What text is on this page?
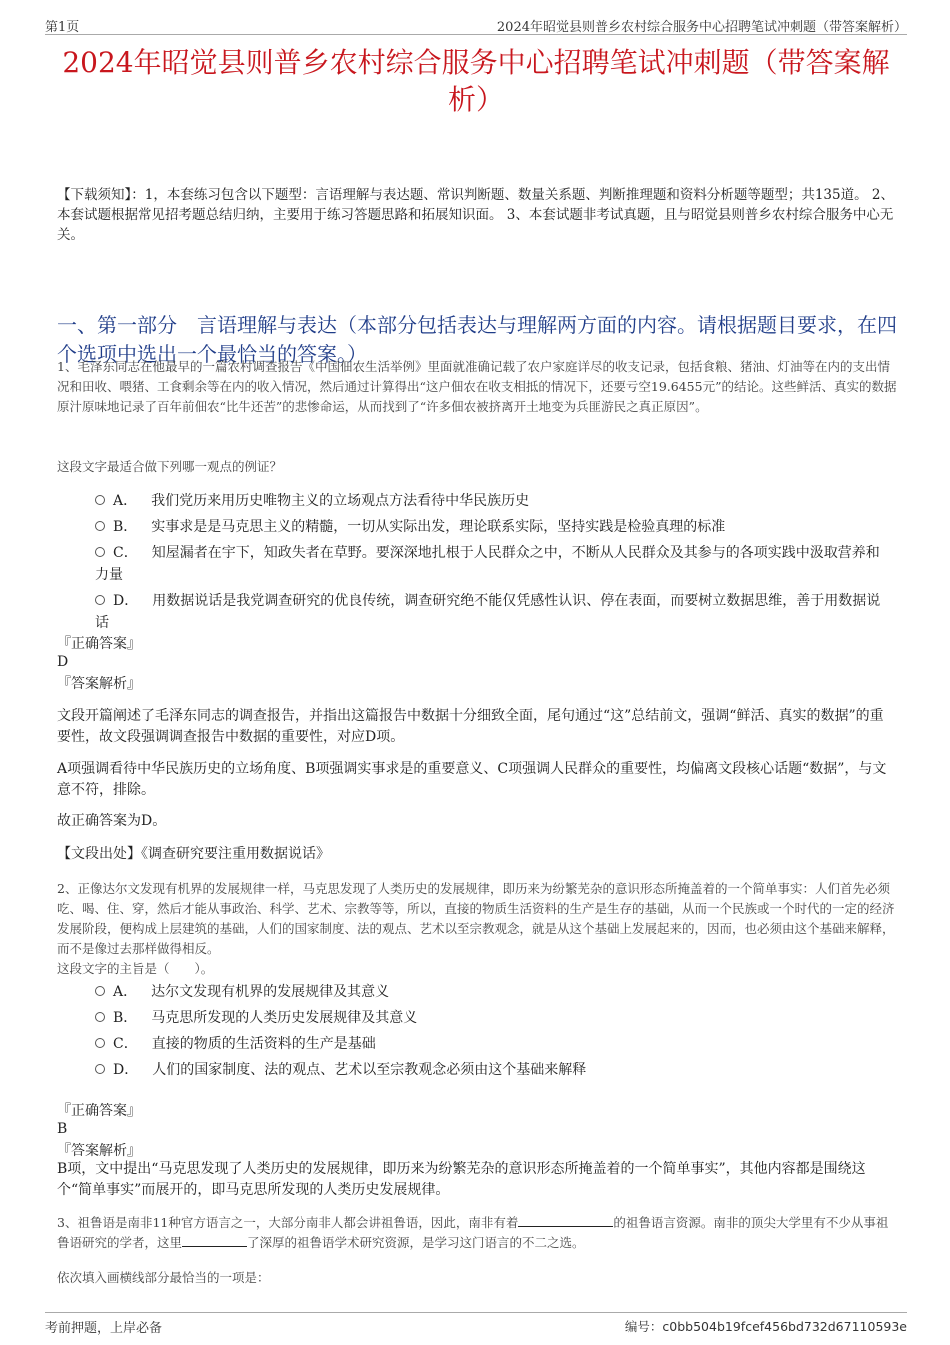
第1页	2024年昭觉县则普乡农村综合服务中心招聘笔试冲刺题（带答案解析）
2024年昭觉县则普乡农村综合服务中心招聘笔试冲刺题（带答案解析）
【下载须知】：1，本套练习包含以下题型：言语理解与表达题、常识判断题、数量关系题、判断推理题和资料分析题等题型；共135道。 2、本套试题根据常见招考题总结归纳，主要用于练习答题思路和拓展知识面。 3、本套试题非考试真题，且与昭觉县则普乡农村综合服务中心无关。
一、第一部分　言语理解与表达（本部分包括表达与理解两方面的内容。请根据题目要求，在四个选项中选出一个最恰当的答案。）
1、毛泽东同志在他最早的一篇农村调查报告《中国佃农生活举例》里面就准确记载了农户家庭详尽的收支记录，包括食粮、猪油、灯油等在内的支出情况和田收、喂猪、工食剩余等在内的收入情况，然后通过计算得出“这户佃农在收支相抵的情况下，还要亏空19.6455元”的结论。这些鲜活、真实的数据原汁原味地记录了百年前佃农“比牛还苦”的悲惨命运，从而找到了“许多佃农被挤离开土地变为兵匪游民之真正原因”。
这段文字最适合做下列哪一观点的例证？
A． 我们党历来用历史唯物主义的立场观点方法看待中华民族历史
B． 实事求是是马克思主义的精髓，一切从实际出发，理论联系实际，坚持实践是检验真理的标准
C． 知屋漏者在宇下，知政失者在草野。要深深地扎根于人民群众之中，不断从人民群众及其参与的各项实践中汲取营养和力量
D． 用数据说话是我党调查研究的优良传统，调查研究绝不能仅凭感性认识、停在表面，而要树立数据思维，善于用数据说话
『正确答案』
D
『答案解析』
文段开篇阐述了毛泽东同志的调查报告，并指出这篇报告中数据十分细致全面，尾句通过“这”总结前文，强调“鲜活、真实的数据”的重要性，故文段强调调查报告中数据的重要性，对应D项。
A项强调看待中华民族历史的立场角度、B项强调实事求是的重要意义、C项强调人民群众的重要性，均偏离文段核心话题“数据”，与文意不符，排除。
故正确答案为D。
【文段出处】《调查研究要注重用数据说话》
2、正像达尔文发现有机界的发展规律一样，马克思发现了人类历史的发展规律，即历来为纷繁芜杂的意识形态所掩盖着的一个简单事实：人们首先必须吃、喝、住、穿，然后才能从事政治、科学、艺术、宗教等等，所以，直接的物质生活资料的生产是生存的基础，从而一个民族或一个时代的一定的经济发展阶段，便构成上层建筑的基础，人们的国家制度、法的观点、艺术以至宗教观念，就是从这个基础上发展起来的，因而，也必须由这个基础来解释，而不是像过去那样做得相反。
这段文字的主旨是（　　）。
A． 达尔文发现有机界的发展规律及其意义
B． 马克思所发现的人类历史发展规律及其意义
C． 直接的物质的生活资料的生产是基础
D． 人们的国家制度、法的观点、艺术以至宗教观念必须由这个基础来解释
『正确答案』
B
『答案解析』
B项，文中提出“马克思发现了人类历史的发展规律，即历来为纷繁芜杂的意识形态所掩盖着的一个简单事实”，其他内容都是围绕这个“简单事实”而展开的，即马克思所发现的人类历史发展规律。
3、祖鲁语是南非11种官方语言之一，大部分南非人都会讲祖鲁语，因此，南非有着	的祖鲁语言资源。南非的顶尖大学里有不少从事祖鲁语研究的学者，这里	了深厚的祖鲁语学术研究资源，是学习这门语言的不二之选。
依次填入画横线部分最恰当的一项是：
考前押题，上岸必备	编号：c0bb504b19fcef456bd732d67110593e
